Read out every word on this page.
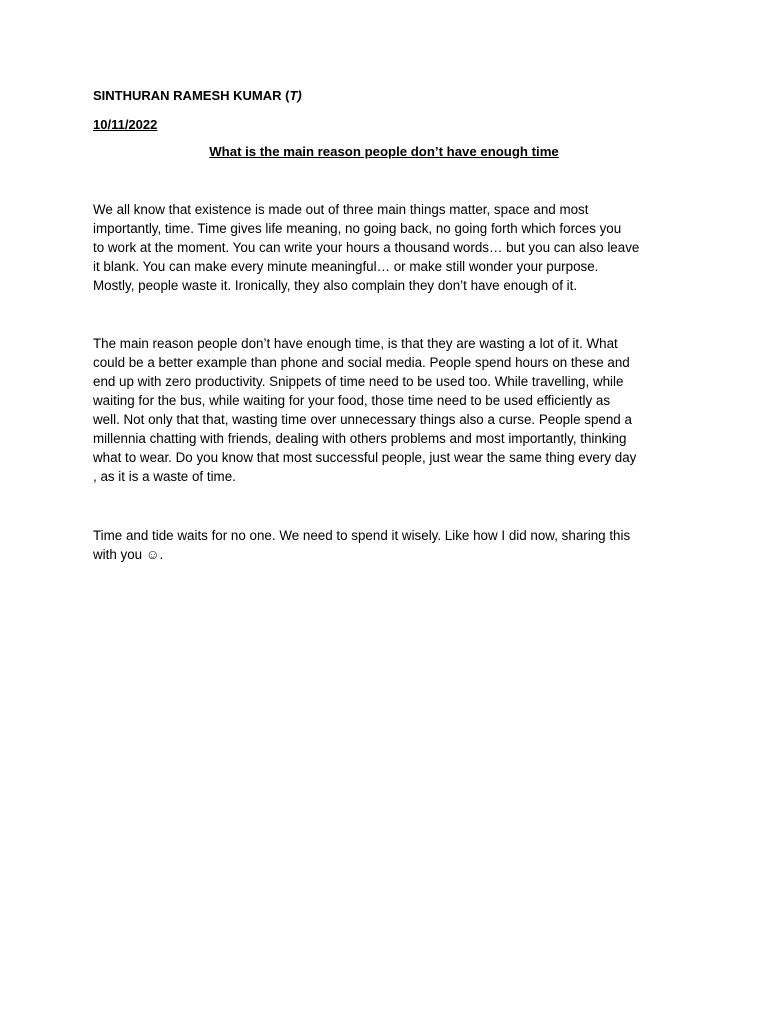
SINTHURAN RAMESH KUMAR (T)
10/11/2022
What is the main reason people don’t have enough time
We all know that existence is made out of three main things matter, space and most
importantly, time. Time gives life meaning, no going back, no going forth which forces you
to work at the moment. You can write your hours a thousand words… but you can also leave
it blank. You can make every minute meaningful… or make still wonder your purpose.
Mostly, people waste it. Ironically, they also complain they don’t have enough of it.
The main reason people don’t have enough time, is that they are wasting a lot of it. What
could be a better example than phone and social media. People spend hours on these and
end up with zero productivity. Snippets of time need to be used too. While travelling, while
waiting for the bus, while waiting for your food, those time need to be used efficiently as
well. Not only that that, wasting time over unnecessary things also a curse. People spend a
millennia chatting with friends, dealing with others problems and most importantly, thinking
what to wear. Do you know that most successful people, just wear the same thing every day
, as it is a waste of time.
Time and tide waits for no one. We need to spend it wisely. Like how I did now, sharing this
with you ☺.
